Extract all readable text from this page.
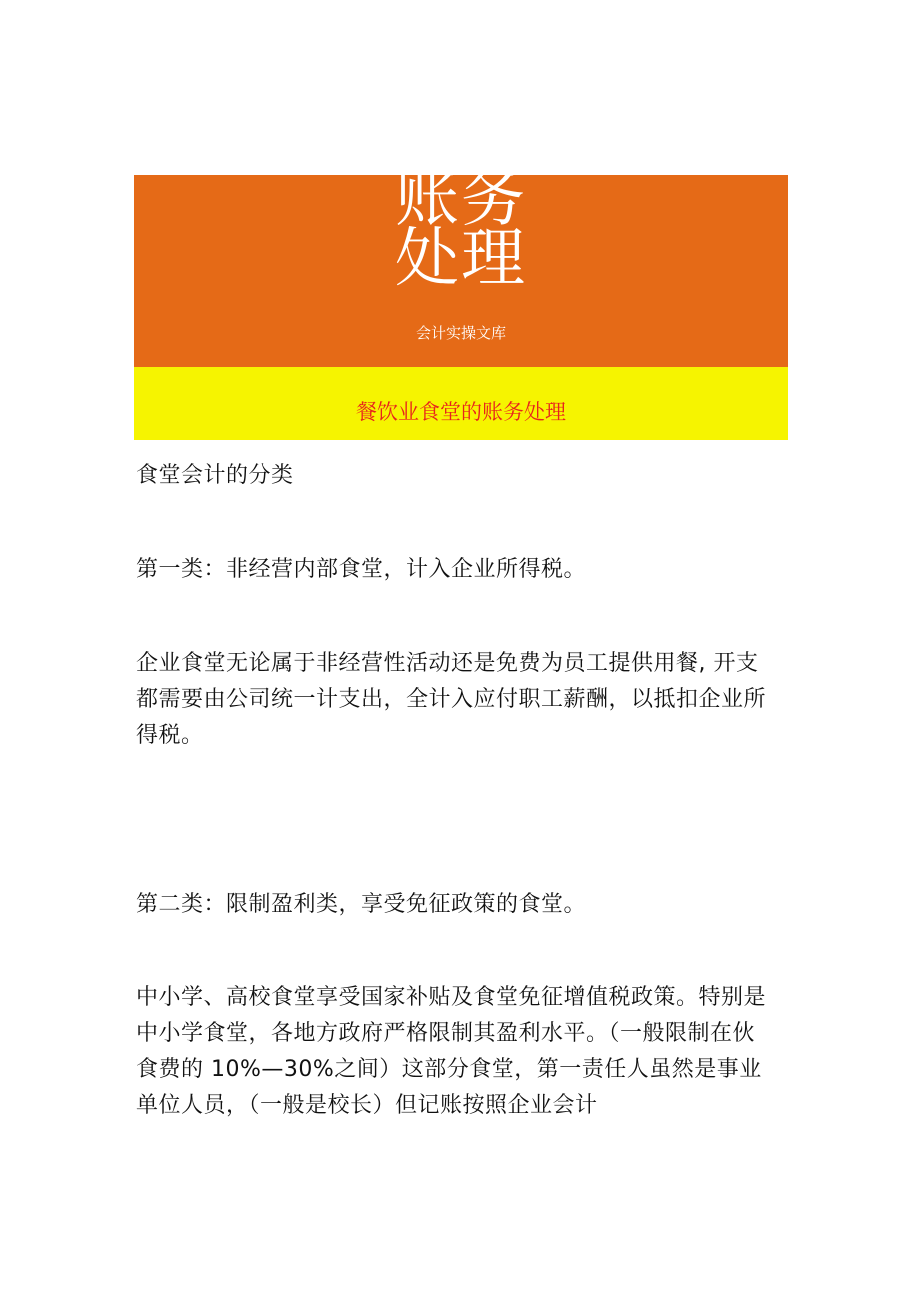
账务
处理
会计实操文库
餐饮业食堂的账务处理
食堂会计的分类
第一类：非经营内部食堂，计入企业所得税。
企业食堂无论属于非经营性活动还是免费为员工提供用餐, 开支
都需要由公司统一计支出，全计入应付职工薪酬，以抵扣企业所
得税。
第二类：限制盈利类，享受免征政策的食堂。
中小学、高校食堂享受国家补贴及食堂免征增值税政策。特别是
中小学食堂，各地方政府严格限制其盈利水平。（一般限制在伙
食费的 10%—30%之间）这部分食堂，第一责任人虽然是事业
单位人员，（一般是校长）但记账按照企业会计
